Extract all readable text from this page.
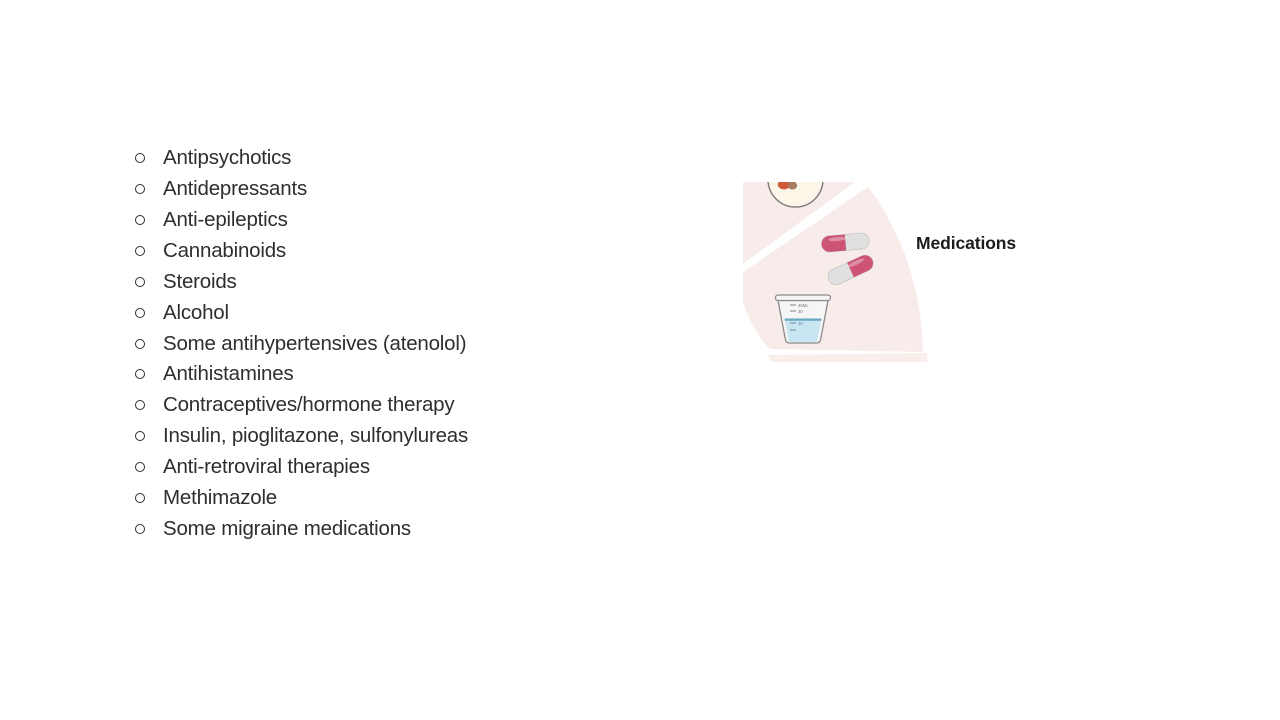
Antipsychotics
Antidepressants
Anti-epileptics
Cannabinoids
Steroids
Alcohol
Some antihypertensives (atenolol)
Antihistamines
Contraceptives/hormone therapy
Insulin, pioglitazone, sulfonylureas
Anti-retroviral therapies
Methimazole
Some migraine medications
40ML
30
10
Medications
